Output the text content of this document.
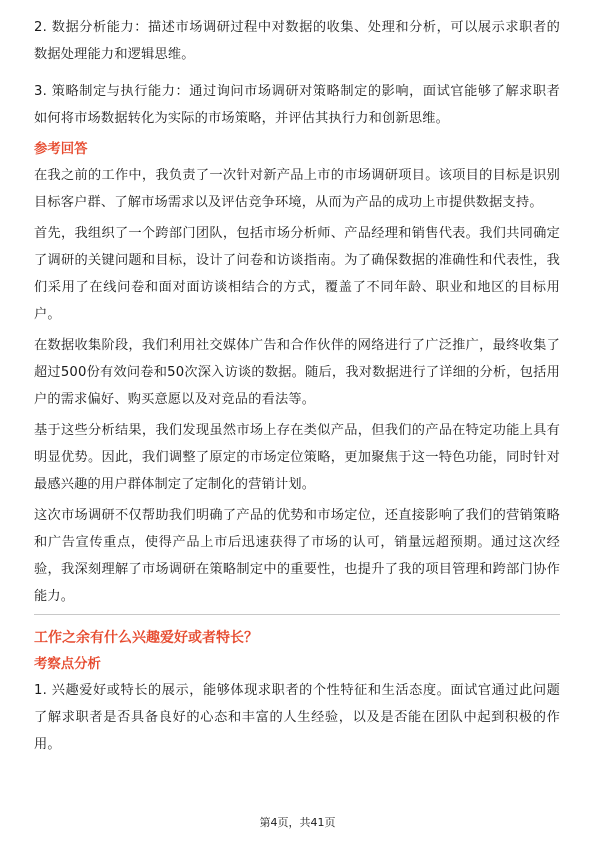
2. 数据分析能力：描述市场调研过程中对数据的收集、处理和分析，可以展示求职者的数据处理能力和逻辑思维。

3. 策略制定与执行能力：通过询问市场调研对策略制定的影响，面试官能够了解求职者如何将市场数据转化为实际的市场策略，并评估其执行力和创新思维。

参考回答

在我之前的工作中，我负责了一次针对新产品上市的市场调研项目。该项目的目标是识别目标客户群、了解市场需求以及评估竞争环境，从而为产品的成功上市提供数据支持。

首先，我组织了一个跨部门团队，包括市场分析师、产品经理和销售代表。我们共同确定了调研的关键问题和目标，设计了问卷和访谈指南。为了确保数据的准确性和代表性，我们采用了在线问卷和面对面访谈相结合的方式，覆盖了不同年龄、职业和地区的目标用户。

在数据收集阶段，我们利用社交媒体广告和合作伙伴的网络进行了广泛推广，最终收集了超过500份有效问卷和50次深入访谈的数据。随后，我对数据进行了详细的分析，包括用户的需求偏好、购买意愿以及对竞品的看法等。

基于这些分析结果，我们发现虽然市场上存在类似产品，但我们的产品在特定功能上具有明显优势。因此，我们调整了原定的市场定位策略，更加聚焦于这一特色功能，同时针对最感兴趣的用户群体制定了定制化的营销计划。

这次市场调研不仅帮助我们明确了产品的优势和市场定位，还直接影响了我们的营销策略和广告宣传重点，使得产品上市后迅速获得了市场的认可，销量远超预期。通过这次经验，我深刻理解了市场调研在策略制定中的重要性，也提升了我的项目管理和跨部门协作能力。

工作之余有什么兴趣爱好或者特长？
考察点分析

1. 兴趣爱好或特长的展示，能够体现求职者的个性特征和生活态度。面试官通过此问题了解求职者是否具备良好的心态和丰富的人生经验，以及是否能在团队中起到积极的作用。

第4页，共41页
